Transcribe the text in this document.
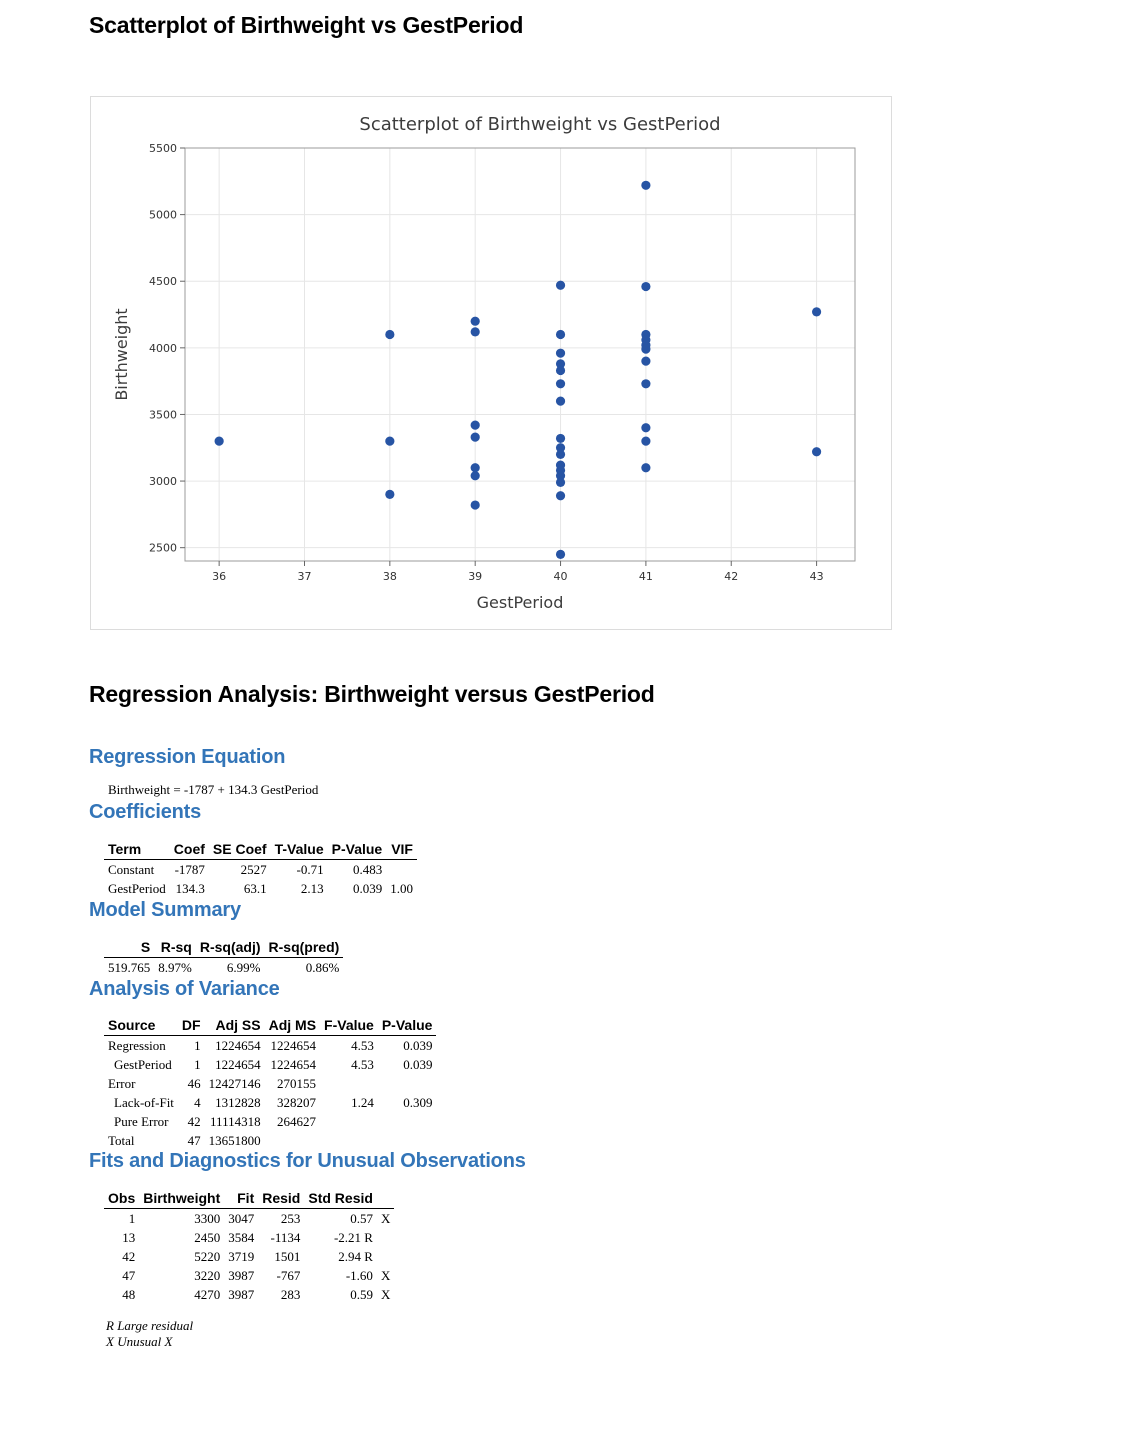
Scatterplot of Birthweight vs GestPeriod
36	37	38	39	40	41	42	43
2500
3000
3500
4000
4500
5000
5500
Scatterplot of Birthweight vs GestPeriod
GestPeriod
Birthweight
Regression Analysis: Birthweight versus GestPeriod
Regression Equation
Birthweight = -1787 + 134.3 GestPeriod
Coefficients
Term	Coef	SE Coef	T-Value	P-Value	VIF
Constant	-1787	2527	-0.71	0.483	
GestPeriod	134.3	63.1	2.13	0.039	1.00
Model Summary
S	R-sq	R-sq(adj)	R-sq(pred)
519.765	8.97%	6.99%	0.86%
Analysis of Variance
Source	DF	Adj SS	Adj MS	F-Value	P-Value
Regression	1	1224654	1224654	4.53	0.039
GestPeriod	1	1224654	1224654	4.53	0.039
Error	46	12427146	270155		
Lack-of-Fit	4	1312828	328207	1.24	0.309
Pure Error	42	11114318	264627		
Total	47	13651800			
Fits and Diagnostics for Unusual Observations
Obs	Birthweight	Fit	Resid	Std Resid	
1	3300	3047	253	0.57	X
13	2450	3584	-1134	-2.21 R	
42	5220	3719	1501	2.94 R	
47	3220	3987	-767	-1.60	X
48	4270	3987	283	0.59	X
R Large residual
X Unusual X
